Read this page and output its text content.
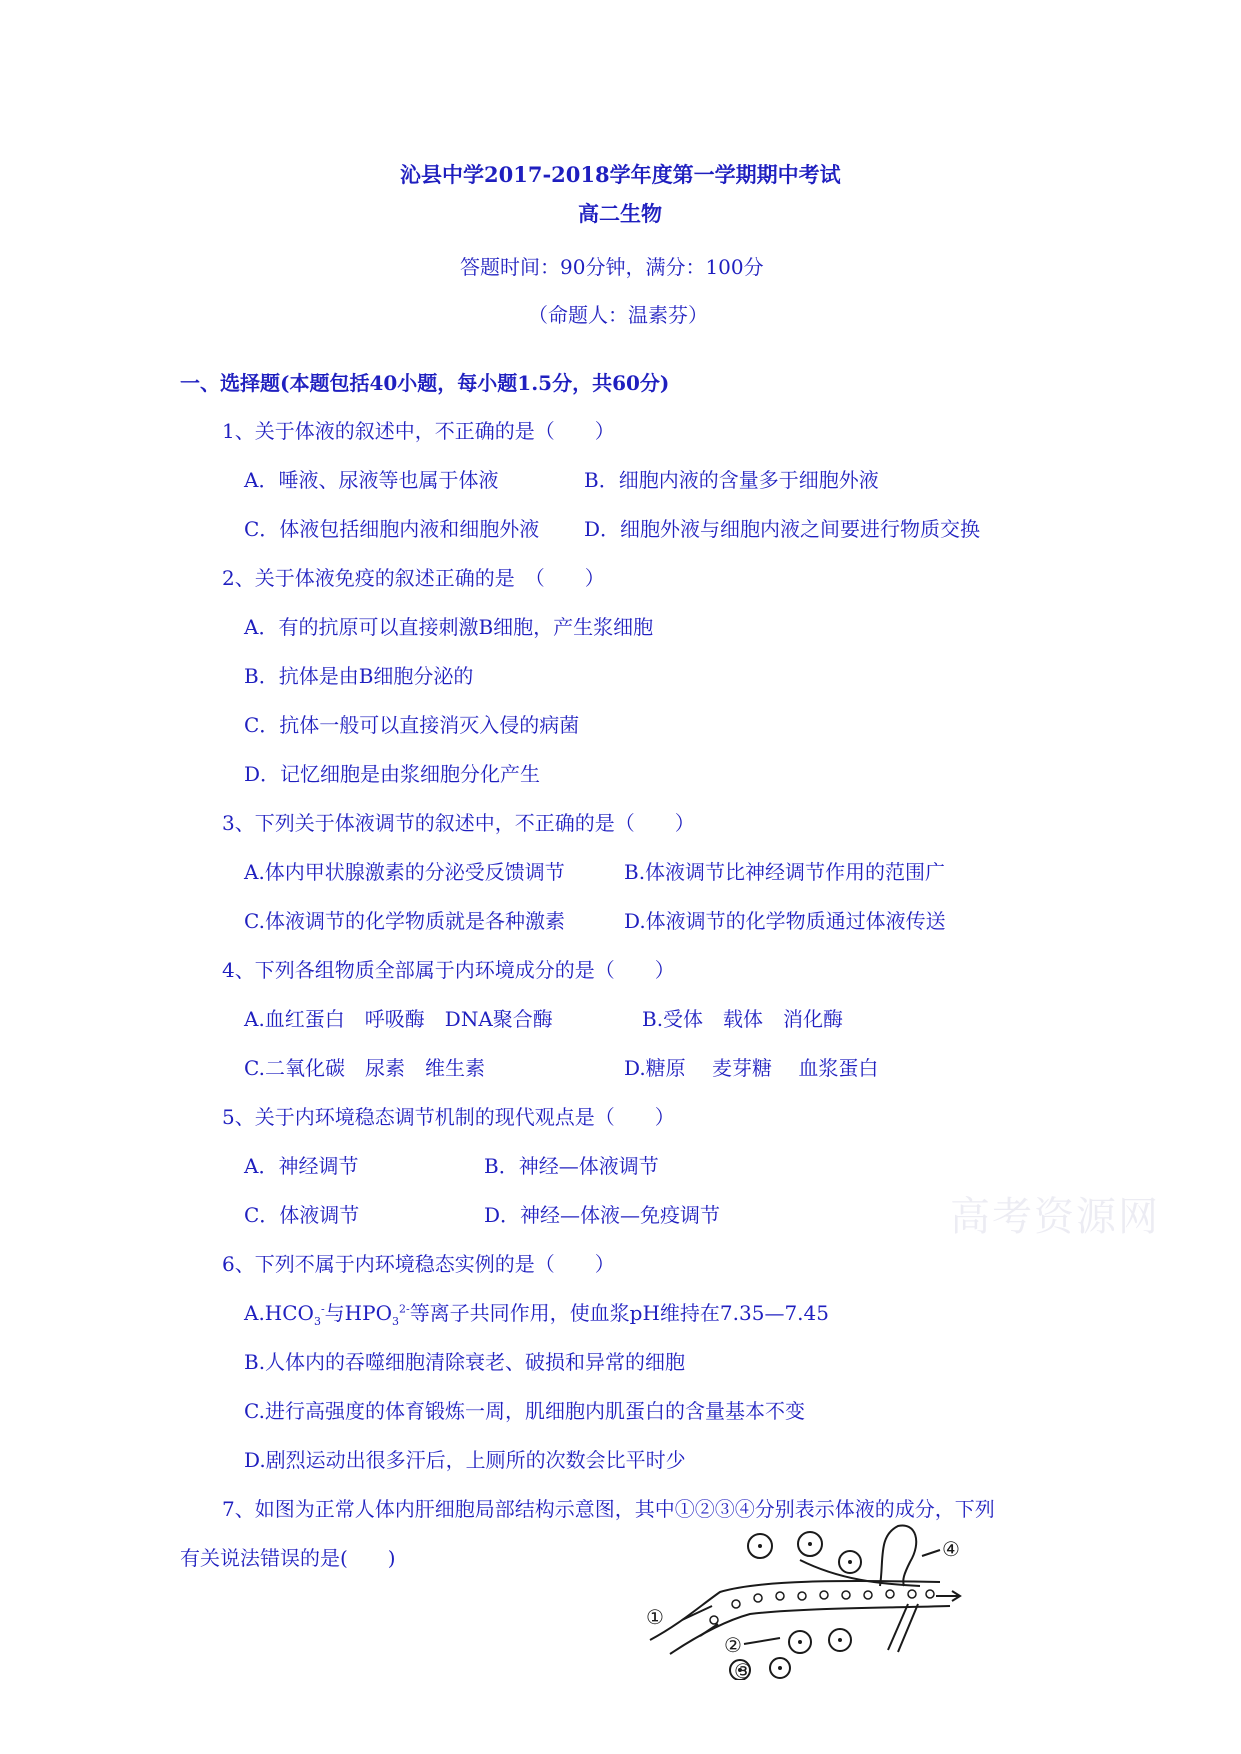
沁县中学2017-2018学年度第一学期期中考试
高二生物
答题时间：90分钟，满分：100分
（命题人：温素芬）
一、选择题(本题包括40小题，每小题1.5分，共60分)
1、关于体液的叙述中，不正确的是（　　）
A．唾液、尿液等也属于体液	B．细胞内液的含量多于细胞外液
C．体液包括细胞内液和细胞外液 D．细胞外液与细胞内液之间要进行物质交换
2、关于体液免疫的叙述正确的是　（　　）
A．有的抗原可以直接刺激B细胞，产生浆细胞
B．抗体是由B细胞分泌的
C．抗体一般可以直接消灭入侵的病菌
D．记忆细胞是由浆细胞分化产生
3、下列关于体液调节的叙述中，不正确的是（　　）
A.体内甲状腺激素的分泌受反馈调节	B.体液调节比神经调节作用的范围广
C.体液调节的化学物质就是各种激素	D.体液调节的化学物质通过体液传送
4、下列各组物质全部属于内环境成分的是（　　）
A.血红蛋白　呼吸酶　DNA聚合酶	B.受体　载体　消化酶
C.二氧化碳　尿素　维生素	D.糖原　 麦芽糖　 血浆蛋白
5、关于内环境稳态调节机制的现代观点是（　　）
A．神经调节	B．神经—体液调节
C．体液调节	D．神经—体液—免疫调节
6、下列不属于内环境稳态实例的是（　　）
$A.HCO_3^-$与$HPO_3^{2-}$等离子共同作用，使血浆pH维持在7.35—7.45
B.人体内的吞噬细胞清除衰老、破损和异常的细胞
C.进行高强度的体育锻炼一周，肌细胞内肌蛋白的含量基本不变
D.剧烈运动出很多汗后，上厕所的次数会比平时少
7、如图为正常人体内肝细胞局部结构示意图，其中①②③④分别表示体液的成分，下列
有关说法错误的是(　　)
高考资源网
①
②
③
④
